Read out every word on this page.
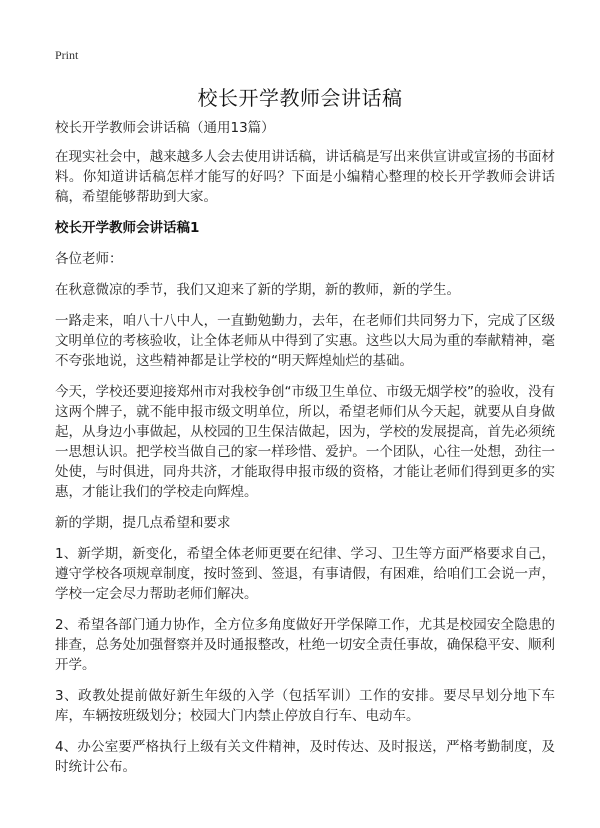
Print
校长开学教师会讲话稿
校长开学教师会讲话稿（通用13篇）

在现实社会中，越来越多人会去使用讲话稿，讲话稿是写出来供宣讲或宣扬的书面材料。你知道讲话稿怎样才能写的好吗？下面是小编精心整理的校长开学教师会讲话稿，希望能够帮助到大家。

校长开学教师会讲话稿1

各位老师：

在秋意微凉的季节，我们又迎来了新的学期，新的教师，新的学生。

一路走来，咱八十八中人，一直勤勉勤力，去年，在老师们共同努力下，完成了区级文明单位的考核验收，让全体老师从中得到了实惠。这些以大局为重的奉献精神，毫不夸张地说，这些精神都是让学校的“明天辉煌灿烂的基础。

今天，学校还要迎接郑州市对我校争创“市级卫生单位、市级无烟学校”的验收，没有这两个牌子，就不能申报市级文明单位，所以，希望老师们从今天起，就要从自身做起，从身边小事做起，从校园的卫生保洁做起，因为，学校的发展提高，首先必须统一思想认识。把学校当做自己的家一样珍惜、爱护。一个团队，心往一处想，劲往一处使，与时俱进，同舟共济，才能取得申报市级的资格，才能让老师们得到更多的实惠，才能让我们的学校走向辉煌。

新的学期，提几点希望和要求

1、新学期，新变化，希望全体老师更要在纪律、学习、卫生等方面严格要求自己，遵守学校各项规章制度，按时签到、签退，有事请假，有困难，给咱们工会说一声，学校一定会尽力帮助老师们解决。

2、希望各部门通力协作，全方位多角度做好开学保障工作，尤其是校园安全隐患的排查，总务处加强督察并及时通报整改，杜绝一切安全责任事故，确保稳平安、顺利开学。

3、政教处提前做好新生年级的入学（包括军训）工作的安排。要尽早划分地下车库，车辆按班级划分；校园大门内禁止停放自行车、电动车。

4、办公室要严格执行上级有关文件精神，及时传达、及时报送，严格考勤制度，及时统计公布。
